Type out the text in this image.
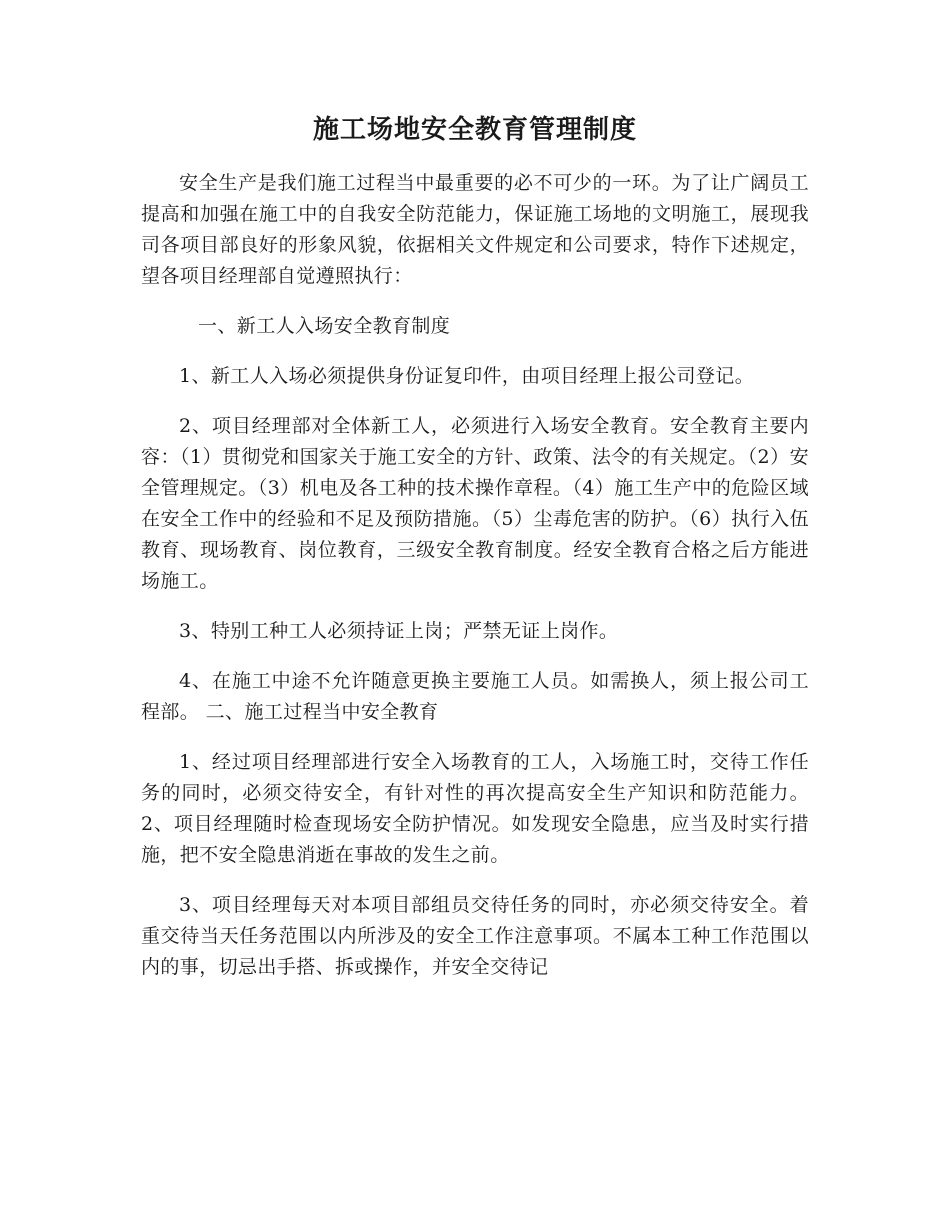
施工场地安全教育管理制度

安全生产是我们施工过程当中最重要的必不可少的一环。为了让广阔员工提高和加强在施工中的自我安全防范能力，保证施工场地的文明施工，展现我司各项目部良好的形象风貌，依据相关文件规定和公司要求，特作下述规定，望各项目经理部自觉遵照执行：

一、新工人入场安全教育制度

1、新工人入场必须提供身份证复印件，由项目经理上报公司登记。

2、项目经理部对全体新工人，必须进行入场安全教育。安全教育主要内容：（1）贯彻党和国家关于施工安全的方针、政策、法令的有关规定。（2）安全管理规定。（3）机电及各工种的技术操作章程。（4）施工生产中的危险区域在安全工作中的经验和不足及预防措施。（5）尘毒危害的防护。（6）执行入伍教育、现场教育、岗位教育，三级安全教育制度。经安全教育合格之后方能进场施工。

3、特别工种工人必须持证上岗；严禁无证上岗作。

4、在施工中途不允许随意更换主要施工人员。如需换人，须上报公司工程部。 二、施工过程当中安全教育

1、经过项目经理部进行安全入场教育的工人，入场施工时，交待工作任务的同时，必须交待安全，有针对性的再次提高安全生产知识和防范能力。2、项目经理随时检查现场安全防护情况。如发现安全隐患，应当及时实行措施，把不安全隐患消逝在事故的发生之前。

3、项目经理每天对本项目部组员交待任务的同时，亦必须交待安全。着重交待当天任务范围以内所涉及的安全工作注意事项。不属本工种工作范围以内的事，切忌出手搭、拆或操作，并安全交待记
